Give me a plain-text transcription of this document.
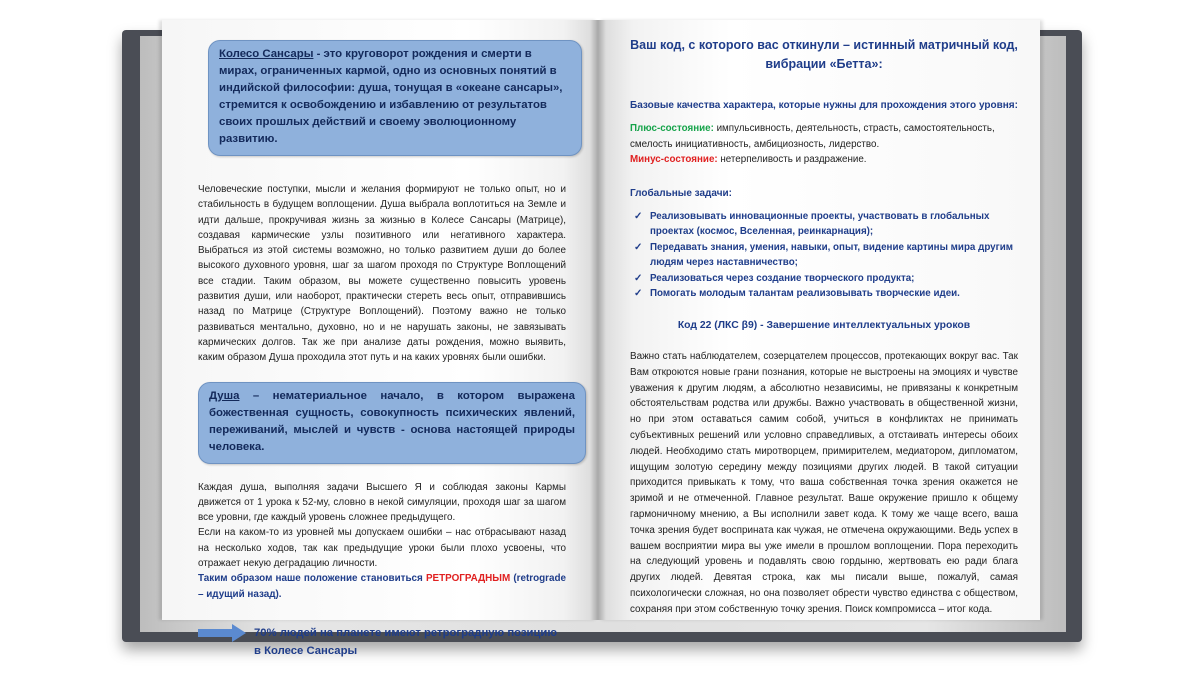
Колесо Сансары - это круговорот рождения и смерти в мирах, ограниченных кармой, одно из основных понятий в индийской философии: душа, тонущая в «океане сансары», стремится к освобождению и избавлению от результатов своих прошлых действий и своему эволюционному развитию.
Человеческие поступки, мысли и желания формируют не только опыт, но и стабильность в будущем воплощении. Душа выбрала воплотиться на Земле и идти дальше, прокручивая жизнь за жизнью в Колесе Сансары (Матрице), создавая кармические узлы позитивного или негативного характера. Выбраться из этой системы возможно, но только развитием души до более высокого духовного уровня, шаг за шагом проходя по Структуре Воплощений все стадии. Таким образом, вы можете существенно повысить уровень развития души, или наоборот, практически стереть весь опыт, отправившись назад по Матрице (Структуре Воплощений). Поэтому важно не только развиваться ментально, духовно, но и не нарушать законы, не завязывать кармических долгов. Так же при анализе даты рождения, можно выявить, каким образом Душа проходила этот путь и на каких уровнях были ошибки.
Душа – нематериальное начало, в котором выражена божественная сущность, совокупность психических явлений, переживаний, мыслей и чувств - основа настоящей природы человека.
Каждая душа, выполняя задачи Высшего Я и соблюдая законы Кармы движется от 1 урока к 52-му, словно в некой симуляции, проходя шаг за шагом все уровни, где каждый уровень сложнее предыдущего.
Если на каком-то из уровней мы допускаем ошибки – нас отбрасывают назад на несколько ходов, так как предыдущие уроки были плохо усвоены, что отражает некую деградацию личности.
Таким образом наше положение становиться РЕТРОГРАДНЫМ (retrograde – идущий назад).
70% людей на планете имеют ретроградную позицию
в Колесе Сансары
Ваш код, с которого вас откинули – истинный матричный код,
вибрации «Бетта»:
Базовые качества характера, которые нужны для прохождения этого уровня:
Плюс-состояние: импульсивность, деятельность, страсть, самостоятельность,
смелость инициативность, амбициозность, лидерство.
Минус-состояние: нетерпеливость и раздражение.
Глобальные задачи:
✓ Реализовывать инновационные проекты, участвовать в глобальных проектах (космос, Вселенная, реинкарнация);
✓ Передавать знания, умения, навыки, опыт, видение картины мира другим людям через наставничество;
✓ Реализоваться через создание творческого продукта;
✓ Помогать молодым талантам реализовывать творческие идеи.
Код 22 (ЛКС β9) - Завершение интеллектуальных уроков
Важно стать наблюдателем, созерцателем процессов, протекающих вокруг вас. Так Вам откроются новые грани познания, которые не выстроены на эмоциях и чувстве уважения к другим людям, а абсолютно независимы, не привязаны к конкретным обстоятельствам родства или дружбы. Важно участвовать в общественной жизни, но при этом оставаться самим собой, учиться в конфликтах не принимать субъективных решений или условно справедливых, а отстаивать интересы обоих людей. Необходимо стать миротворцем, примирителем, медиатором, дипломатом, ищущим золотую середину между позициями других людей. В такой ситуации приходится привыкать к тому, что ваша собственная точка зрения окажется не зримой и не отмеченной. Главное результат. Ваше окружение пришло к общему гармоничному мнению, а Вы исполнили завет кода. К тому же чаще всего, ваша точка зрения будет восприната как чужая, не отмечена окружающими. Ведь успех в вашем восприятии мира вы уже имели в прошлом воплощении. Пора переходить на следующий уровень и подавлять свою гордыню, жертвовать ею ради блага других людей. Девятая строка, как мы писали выше, пожалуй, самая психологически сложная, но она позволяет обрести чувство единства с обществом, сохраняя при этом собственную точку зрения. Поиск компромисса – итог кода.
